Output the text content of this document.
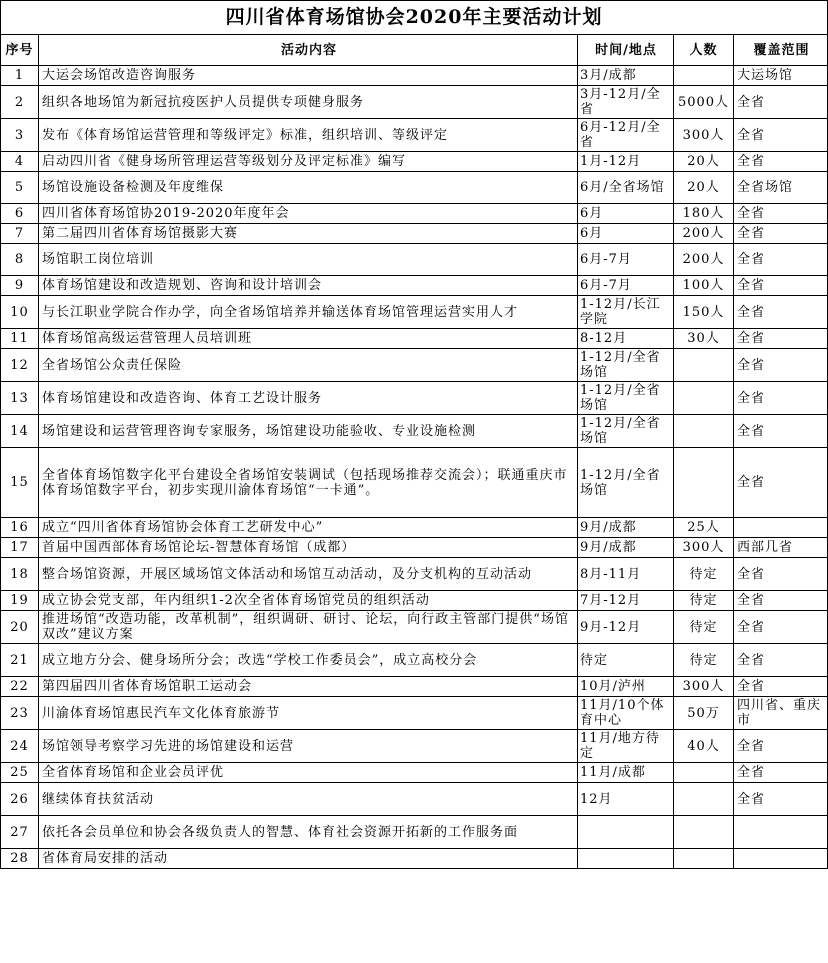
四川省体育场馆协会2020年主要活动计划				
序号	活动内容	时间/地点	人数	覆盖范围
1	大运会场馆改造咨询服务	3月/成都		大运场馆
2	组织各地场馆为新冠抗疫医护人员提供专项健身服务	3月-12月/全省	5000人	全省
3	发布《体育场馆运营管理和等级评定》标准，组织培训、等级评定	6月-12月/全省	300人	全省
4	启动四川省《健身场所管理运营等级划分及评定标准》编写	1月-12月	20人	全省
5	场馆设施设备检测及年度维保	6月/全省场馆	20人	全省场馆
6	四川省体育场馆协2019-2020年度年会	6月	180人	全省
7	第二届四川省体育场馆摄影大赛	6月	200人	全省
8	场馆职工岗位培训	6月-7月	200人	全省
9	体育场馆建设和改造规划、咨询和设计培训会	6月-7月	100人	全省
10	与长江职业学院合作办学，向全省场馆培养并输送体育场馆管理运营实用人才	1-12月/长江学院	150人	全省
11	体育场馆高级运营管理人员培训班	8-12月	30人	全省
12	全省场馆公众责任保险	1-12月/全省场馆		全省
13	体育场馆建设和改造咨询、体育工艺设计服务	1-12月/全省场馆		全省
14	场馆建设和运营管理咨询专家服务，场馆建设功能验收、专业设施检测	1-12月/全省场馆		全省
15	全省体育场馆数字化平台建设全省场馆安装调试（包括现场推荐交流会）；联通重庆市体育场馆数字平台，初步实现川渝体育场馆“一卡通”。	1-12月/全省场馆		全省
16	成立“四川省体育场馆协会体育工艺研发中心”	9月/成都	25人	
17	首届中国西部体育场馆论坛-智慧体育场馆（成都）	9月/成都	300人	西部几省
18	整合场馆资源，开展区域场馆文体活动和场馆互动活动，及分支机构的互动活动	8月-11月	待定	全省
19	成立协会党支部，年内组织1-2次全省体育场馆党员的组织活动	7月-12月	待定	全省
20	推进场馆“改造功能，改革机制”，组织调研、研讨、论坛，向行政主管部门提供“场馆双改”建议方案	9月-12月	待定	全省
21	成立地方分会、健身场所分会；改选“学校工作委员会”，成立高校分会	待定	待定	全省
22	第四届四川省体育场馆职工运动会	10月/泸州	300人	全省
23	川渝体育场馆惠民汽车文化体育旅游节	11月/10个体育中心	50万	四川省、重庆市
24	场馆领导考察学习先进的场馆建设和运营	11月/地方待定	40人	全省
25	全省体育场馆和企业会员评优	11月/成都		全省
26	继续体育扶贫活动	12月		全省
27	依托各会员单位和协会各级负责人的智慧、体育社会资源开拓新的工作服务面			
28	省体育局安排的活动			
